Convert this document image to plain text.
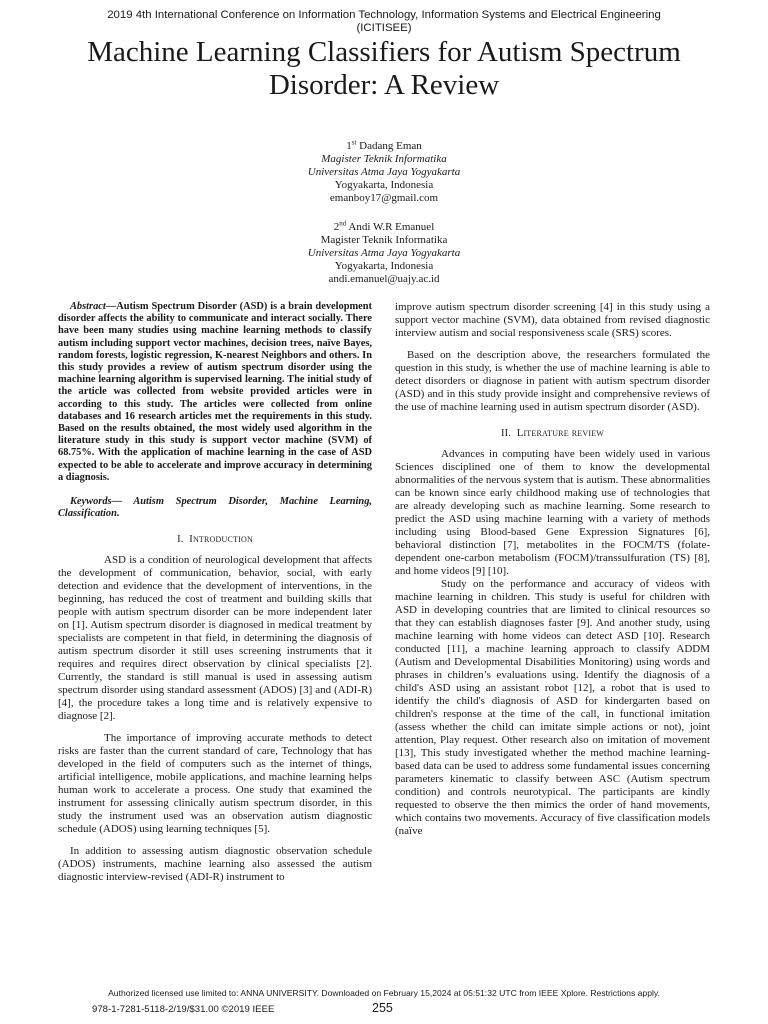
2019 4th International Conference on Information Technology, Information Systems and Electrical Engineering
(ICITISEE)
Machine Learning Classifiers for Autism Spectrum
Disorder: A Review
1st Dadang Eman
Magister Teknik Informatika
Universitas Atma Jaya Yogyakarta
Yogyakarta, Indonesia
emanboy17@gmail.com
2nd Andi W.R Emanuel
Magister Teknik Informatika
Universitas Atma Jaya Yogyakarta
Yogyakarta, Indonesia
andi.emanuel@uajy.ac.id

Abstract—Autism Spectrum Disorder (ASD) is a brain development disorder affects the ability to communicate and interact socially. There have been many studies using machine learning methods to classify autism including support vector machines, decision trees, naïve Bayes, random forests, logistic regression, K-nearest Neighbors and others. In this study provides a review of autism spectrum disorder using the machine learning algorithm is supervised learning. The initial study of the article was collected from website provided articles were in according to this study. The articles were collected from online databases and 16 research articles met the requirements in this study. Based on the results obtained, the most widely used algorithm in the literature study in this study is support vector machine (SVM) of 68.75%. With the application of machine learning in the case of ASD expected to be able to accelerate and improve accuracy in determining a diagnosis.

Keywords— Autism Spectrum Disorder, Machine Learning, Classification.

I. Introduction

ASD is a condition of neurological development that affects the development of communication, behavior, social, with early detection and evidence that the development of interventions, in the beginning, has reduced the cost of treatment and building skills that people with autism spectrum disorder can be more independent later on [1]. Autism spectrum disorder is diagnosed in medical treatment by specialists are competent in that field, in determining the diagnosis of autism spectrum disorder it still uses screening instruments that it requires and requires direct observation by clinical specialists [2]. Currently, the standard is still manual is used in assessing autism spectrum disorder using standard assessment (ADOS) [3] and (ADI-R) [4], the procedure takes a long time and is relatively expensive to diagnose [2].

The importance of improving accurate methods to detect risks are faster than the current standard of care, Technology that has developed in the field of computers such as the internet of things, artificial intelligence, mobile applications, and machine learning helps human work to accelerate a process. One study that examined the instrument for assessing clinically autism spectrum disorder, in this study the instrument used was an observation autism diagnostic schedule (ADOS) using learning techniques [5].

In addition to assessing autism diagnostic observation schedule (ADOS) instruments, machine learning also assessed the autism diagnostic interview-revised (ADI-R) instrument to

improve autism spectrum disorder screening [4] in this study using a support vector machine (SVM), data obtained from revised diagnostic interview autism and social responsiveness scale (SRS) scores.

Based on the description above, the researchers formulated the question in this study, is whether the use of machine learning is able to detect disorders or diagnose in patient with autism spectrum disorder (ASD) and in this study provide insight and comprehensive reviews of the use of machine learning used in autism spectrum disorder (ASD).

II. Literature review

Advances in computing have been widely used in various Sciences disciplined one of them to know the developmental abnormalities of the nervous system that is autism. These abnormalities can be known since early childhood making use of technologies that are already developing such as machine learning. Some research to predict the ASD using machine learning with a variety of methods including using Blood-based Gene Expression Signatures [6], behavioral distinction [7], metabolites in the FOCM/TS (folate-dependent one-carbon metabolism (FOCM)/transsulfuration (TS) [8], and home videos [9] [10].

Study on the performance and accuracy of videos with machine learning in children. This study is useful for children with ASD in developing countries that are limited to clinical resources so that they can establish diagnoses faster [9]. And another study, using machine learning with home videos can detect ASD [10]. Research conducted [11], a machine learning approach to classify ADDM (Autism and Developmental Disabilities Monitoring) using words and phrases in children’s evaluations using. Identify the diagnosis of a child's ASD using an assistant robot [12], a robot that is used to identify the child's diagnosis of ASD for kindergarten based on children's response at the time of the call, in functional imitation (assess whether the child can imitate simple actions or not), joint attention, Play request. Other research also on imitation of movement [13], This study investigated whether the method machine learning-based data can be used to address some fundamental issues concerning parameters kinematic to classify between ASC (Autism spectrum condition) and controls neurotypical. The participants are kindly requested to observe the then mimics the order of hand movements, which contains two movements. Accuracy of five classification models (naïve

Authorized licensed use limited to: ANNA UNIVERSITY. Downloaded on February 15,2024 at 05:51:32 UTC from IEEE Xplore. Restrictions apply.
978-1-7281-5118-2/19/$31.00 ©2019 IEEE	255
